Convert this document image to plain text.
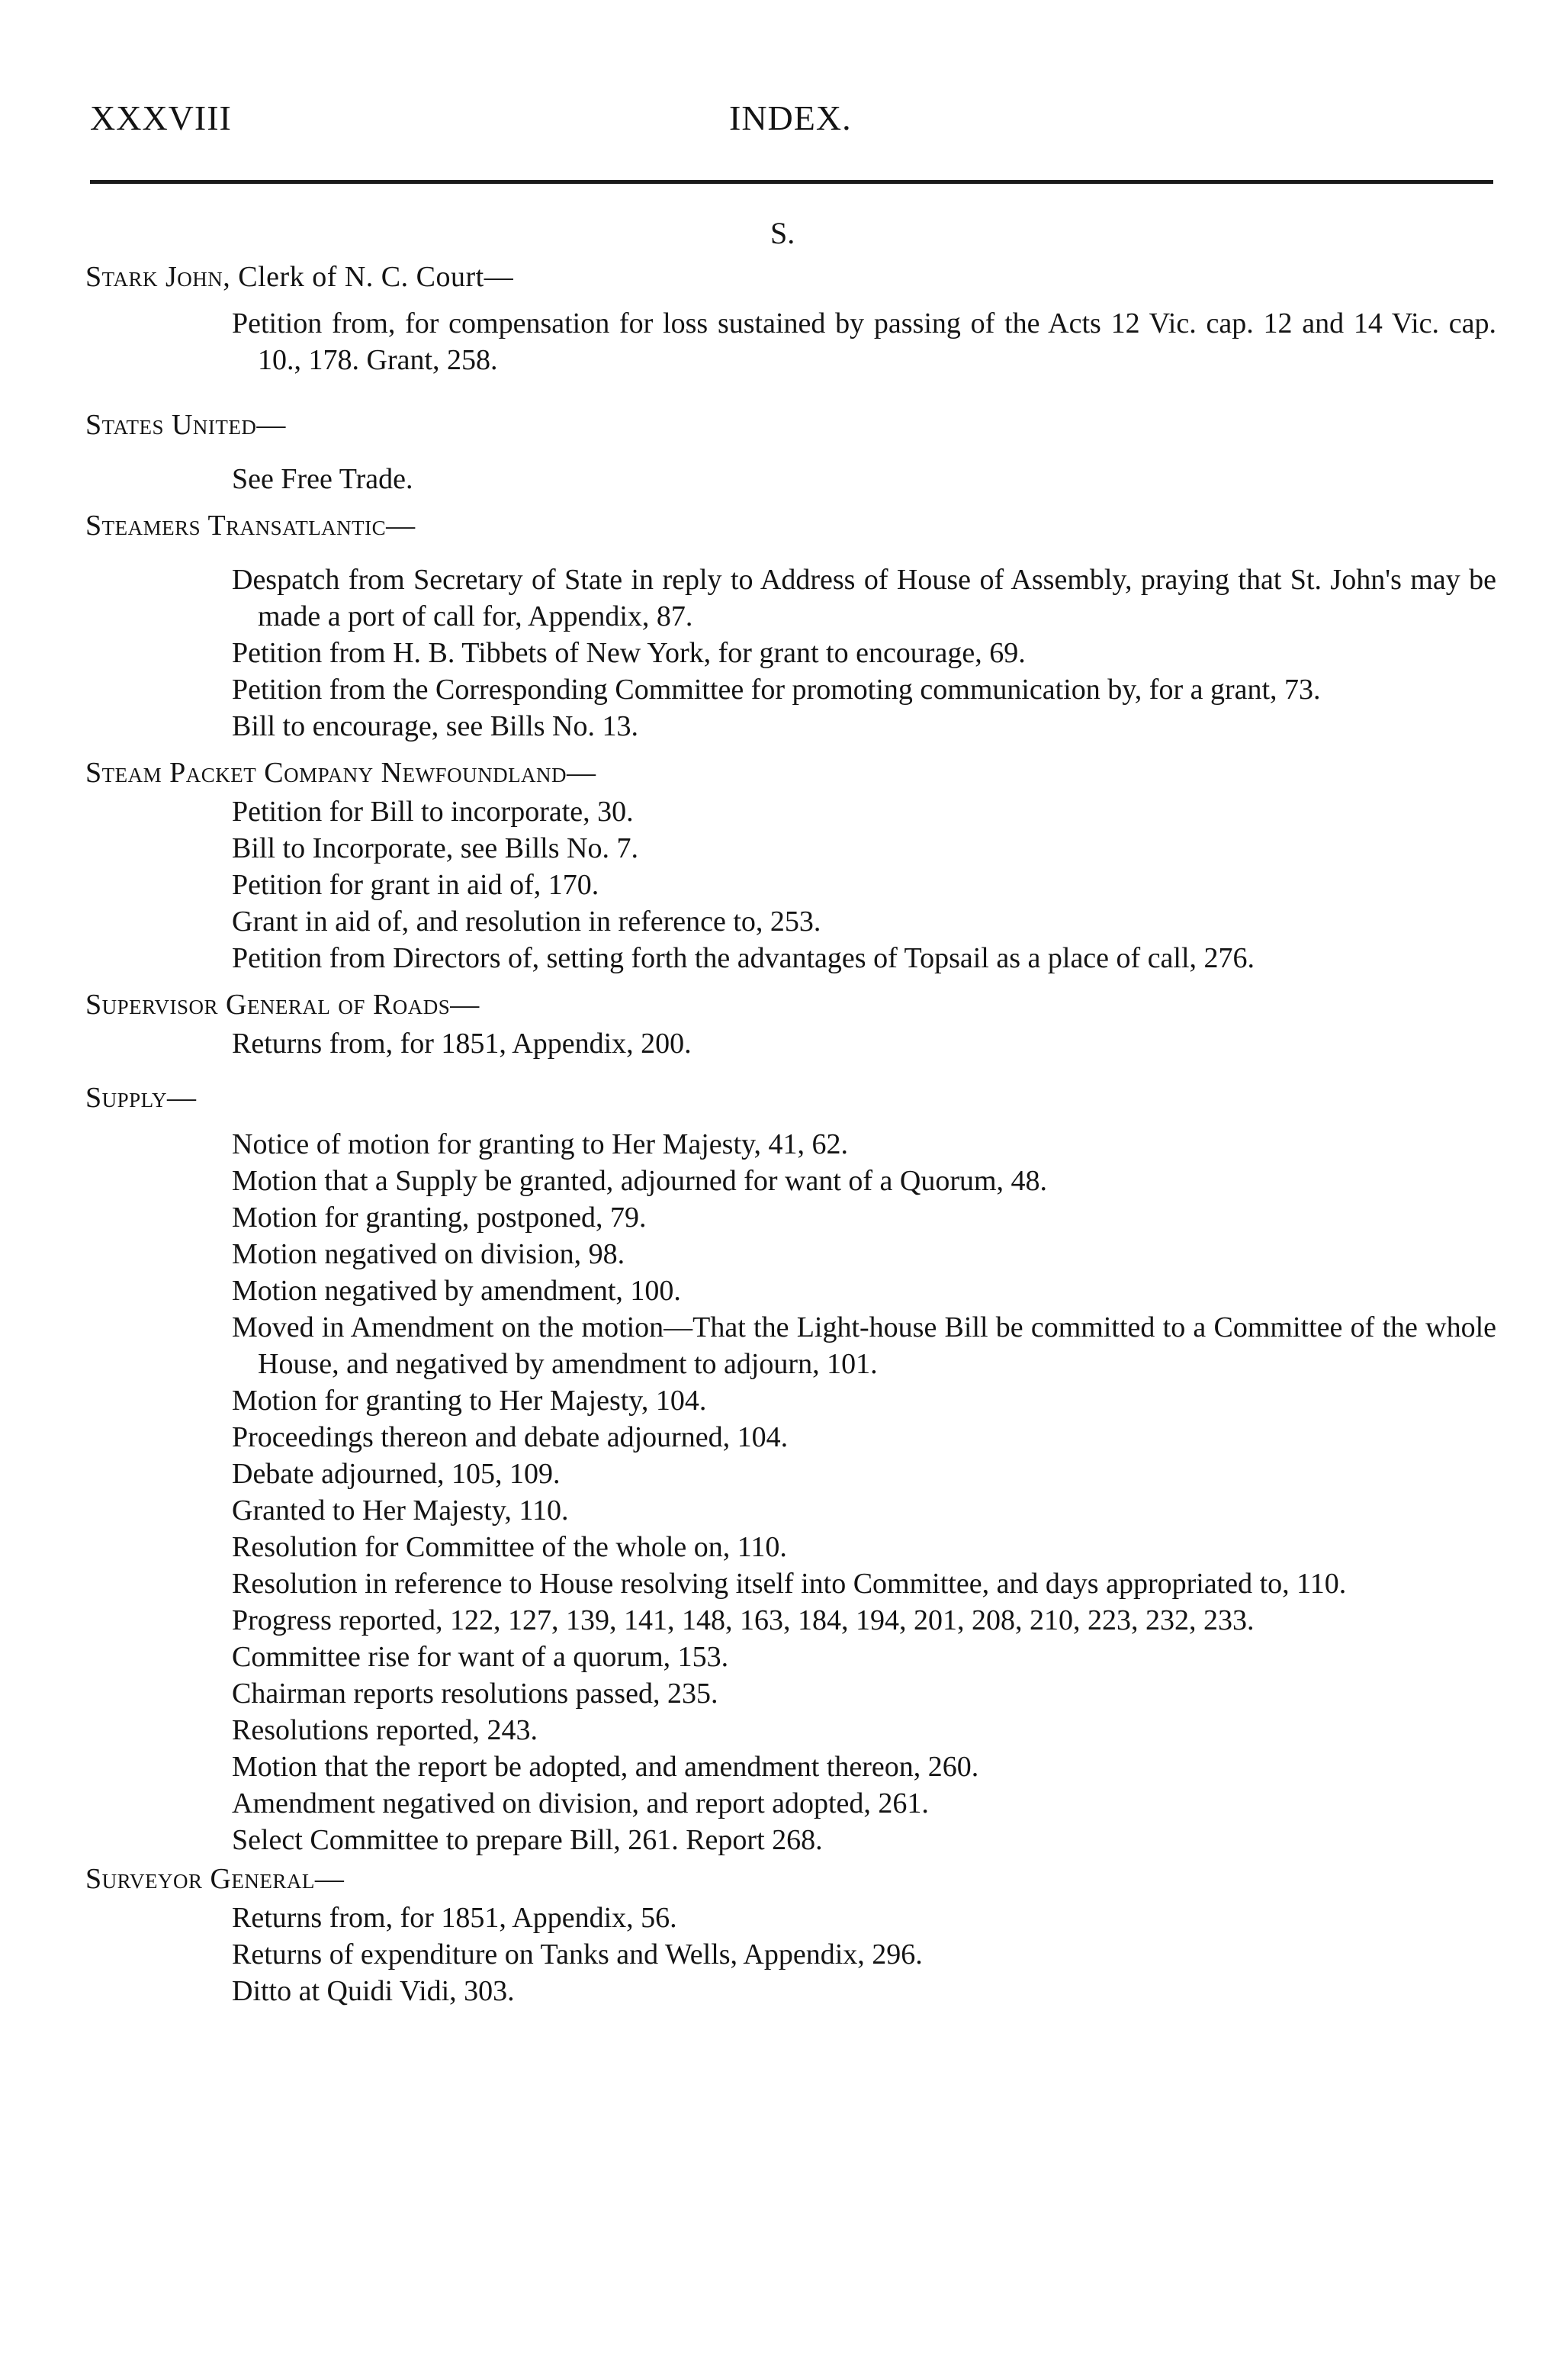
XXXVIII	INDEX.
S.

Stark John, Clerk of N. C. Court—

Petition from, for compensation for loss sustained by passing of the Acts 12 Vic. cap. 12 and 14 Vic. cap. 10., 178. Grant, 258.

States United—

See Free Trade.

Steamers Transatlantic—

Despatch from Secretary of State in reply to Address of House of Assembly, praying that St. John's may be made a port of call for, Appendix, 87.
Petition from H. B. Tibbets of New York, for grant to encourage, 69.
Petition from the Corresponding Committee for promoting communication by, for a grant, 73.
Bill to encourage, see Bills No. 13.

Steam Packet Company Newfoundland—

Petition for Bill to incorporate, 30.
Bill to Incorporate, see Bills No. 7.
Petition for grant in aid of, 170.
Grant in aid of, and resolution in reference to, 253.
Petition from Directors of, setting forth the advantages of Topsail as a place of call, 276.

Supervisor General of Roads—

Returns from, for 1851, Appendix, 200.

Supply—

Notice of motion for granting to Her Majesty, 41, 62.
Motion that a Supply be granted, adjourned for want of a Quorum, 48.
Motion for granting, postponed, 79.
Motion negatived on division, 98.
Motion negatived by amendment, 100.
Moved in Amendment on the motion—That the Light-house Bill be committed to a Committee of the whole House, and negatived by amendment to adjourn, 101.
Motion for granting to Her Majesty, 104.
Proceedings thereon and debate adjourned, 104.
Debate adjourned, 105, 109.
Granted to Her Majesty, 110.
Resolution for Committee of the whole on, 110.
Resolution in reference to House resolving itself into Committee, and days appropriated to, 110.
Progress reported, 122, 127, 139, 141, 148, 163, 184, 194, 201, 208, 210, 223, 232, 233.
Committee rise for want of a quorum, 153.
Chairman reports resolutions passed, 235.
Resolutions reported, 243.
Motion that the report be adopted, and amendment thereon, 260.
Amendment negatived on division, and report adopted, 261.
Select Committee to prepare Bill, 261. Report 268.

Surveyor General—

Returns from, for 1851, Appendix, 56.
Returns of expenditure on Tanks and Wells, Appendix, 296.
Ditto at Quidi Vidi, 303.
